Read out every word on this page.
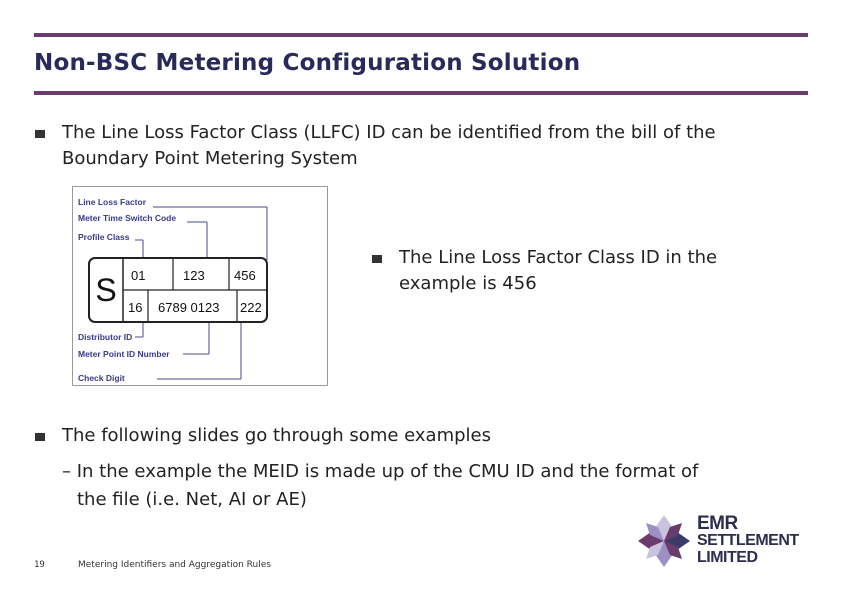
Non-BSC Metering Configuration Solution
The Line Loss Factor Class (LLFC) ID can be identified from the bill of the
Boundary Point Metering System
Line Loss Factor
Meter Time Switch Code
Profile Class
Distributor ID
Meter Point ID Number
Check Digit
S 01	123 456
16 6789 0123 222
The Line Loss Factor Class ID in the
example is 456
The following slides go through some examples
– In the example the MEID is made up of the CMU ID and the format of
the file (i.e. Net, AI or AE)
19	Metering Identifiers and Aggregation Rules
EMR
SETTLEMENT
LIMITED
